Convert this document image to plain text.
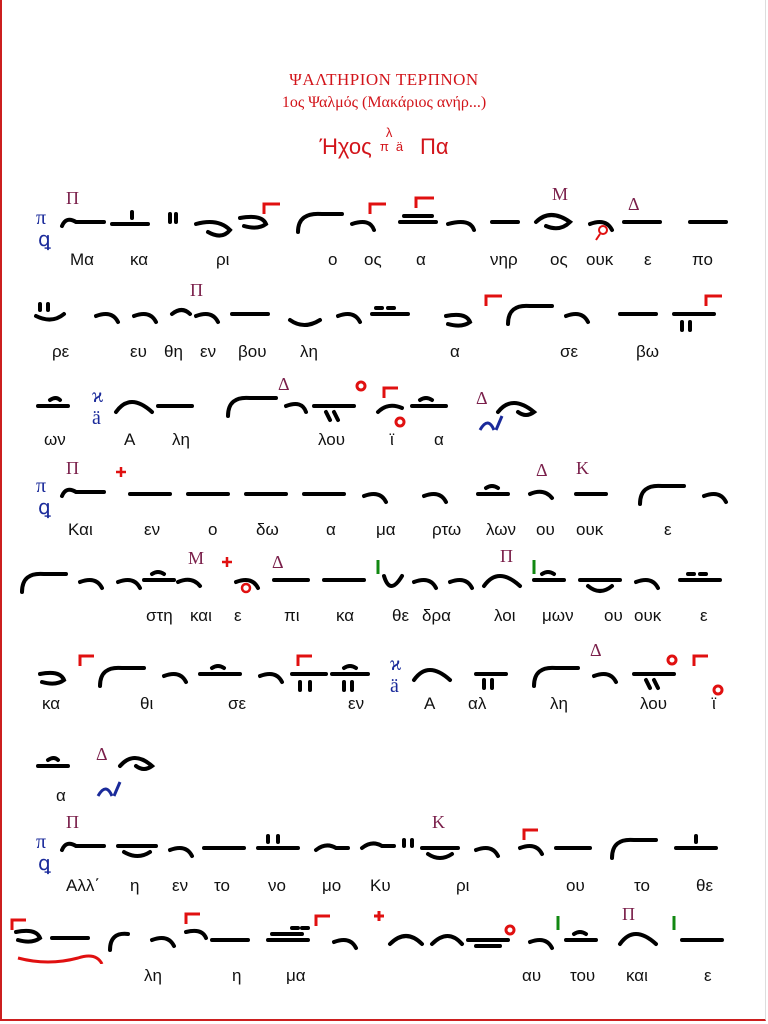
ΨΑΛΤΗΡΙΟΝ ΤΕΡΠΝΟΝ
1ος Ψαλμός (Μακάριος ανήρ...)
Ήχος
λ
π ӓ Πα
π
ꝗ
Π	Μ	Δ
Μα κα	ρι	ο ος α	νηρ ος ουκ ε πο
Π
ρε	ευ θη εν βου λη	α	σε	βω
ϰ
ӓ
Δ
Δ
ων	Α λη	λου	ϊ α
π
ꝗ
Π	Δ Κ
Και	εν	ο δω	α μα ρτω λων ου ουκ	ε
Μ	Δ	Π
στη και ε πι κα θε δρα	λοι μων ου ουκ ε
ϰ
ӓ
Δ
κα	θι	σε	εν	Α αλ	λη	λου	ϊ
Δ
α
π
ꝗ
Π	Κ
Αλλ΄ η εν το νο μο Κυ	ρι	ου	το	θε
Π
λη	η	μα	αυ του και	ε
